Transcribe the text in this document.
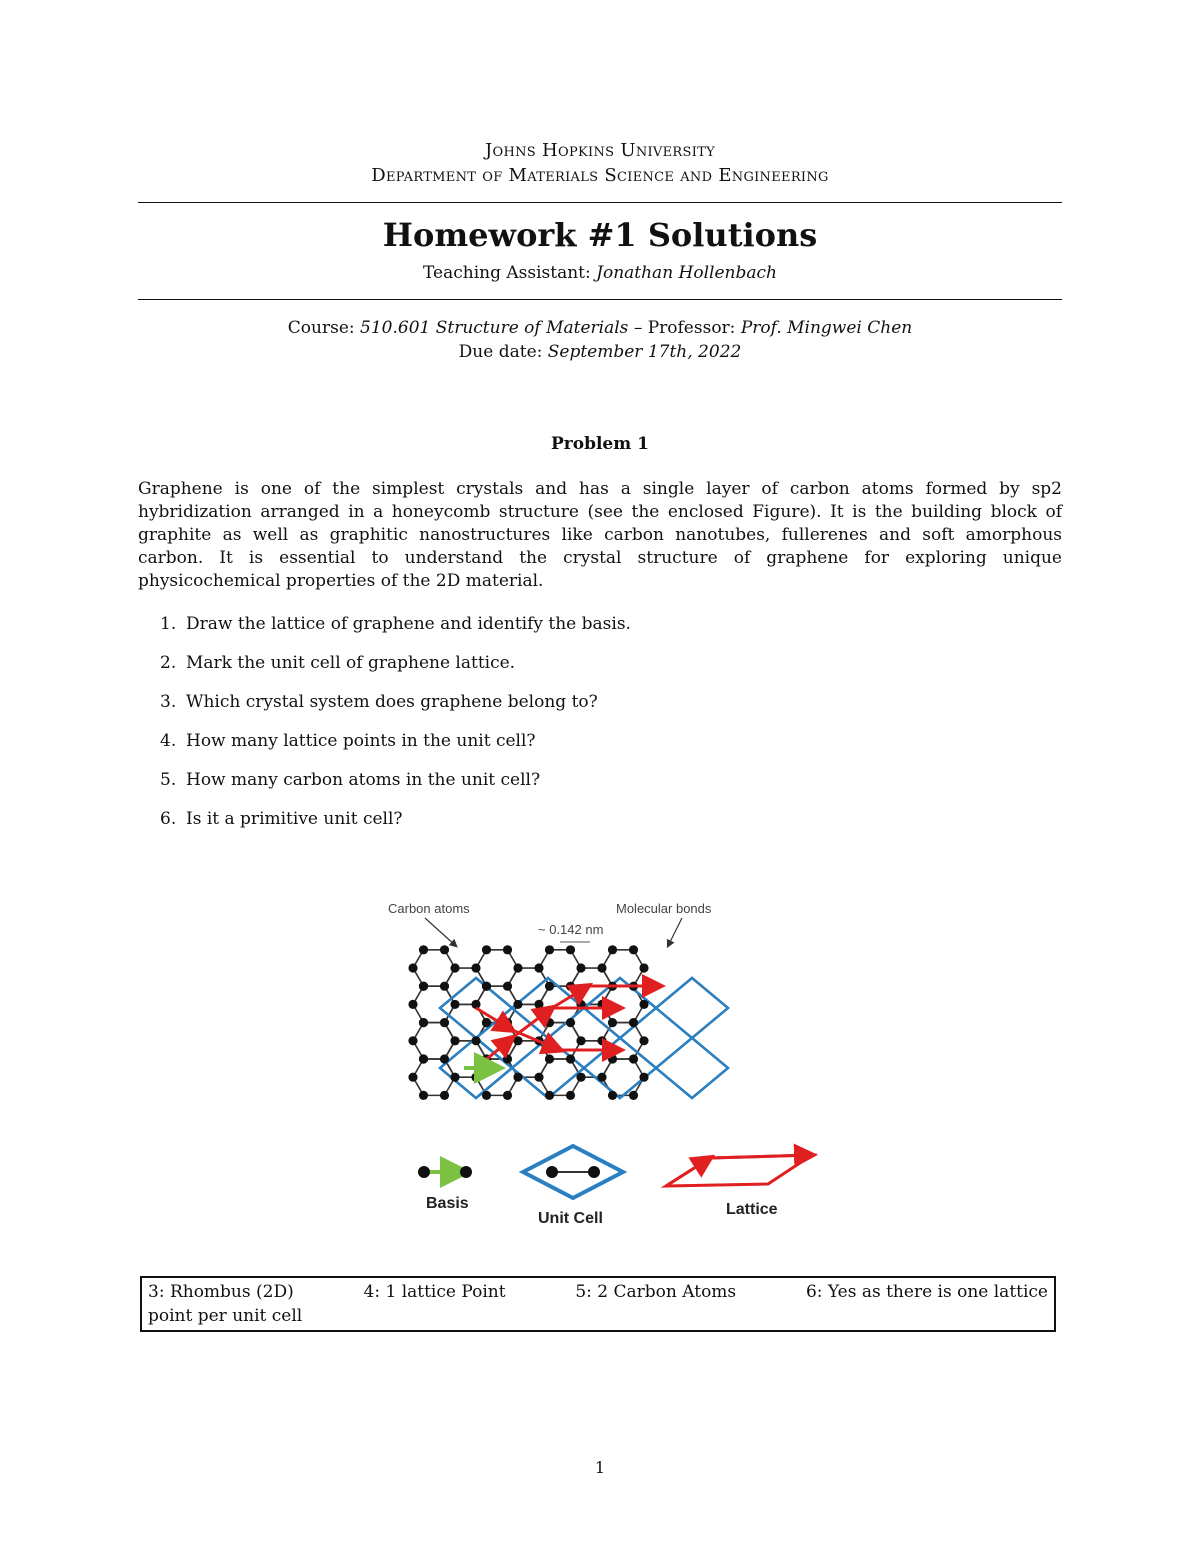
Johns Hopkins University
Department of Materials Science and Engineering
Homework #1 Solutions
Teaching Assistant: Jonathan Hollenbach
Course: 510.601 Structure of Materials – Professor: Prof. Mingwei Chen
Due date: September 17th, 2022
Problem 1

Graphene is one of the simplest crystals and has a single layer of carbon atoms formed by sp2 hybridization arranged in a honeycomb structure (see the enclosed Figure). It is the building block of graphite as well as graphitic nanostructures like carbon nanotubes, fullerenes and soft amorphous carbon. It is essential to understand the crystal structure of graphene for exploring unique physicochemical properties of the 2D material.

1. Draw the lattice of graphene and identify the basis.
2. Mark the unit cell of graphene lattice.
3. Which crystal system does graphene belong to?
4. How many lattice points in the unit cell?
5. How many carbon atoms in the unit cell?
6. Is it a primitive unit cell?
Carbon atoms	Molecular bonds
~ 0.142 nm
Basis
Unit Cell
Lattice
3: Rhombus (2D)	4: 1 lattice Point	5: 2 Carbon Atoms	6: Yes as there is one lattice
point per unit cell
1
